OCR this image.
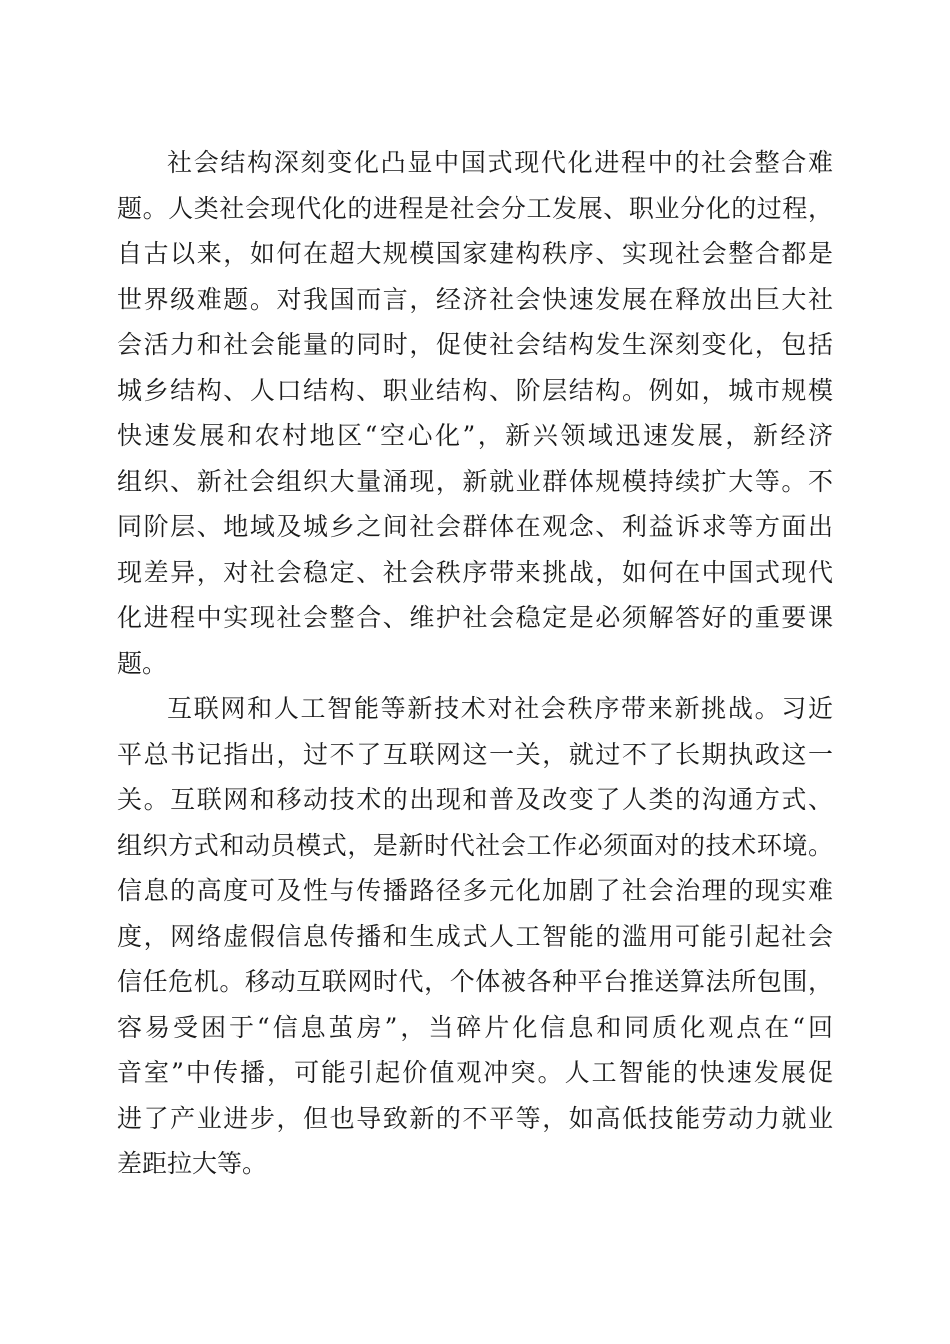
社会结构深刻变化凸显中国式现代化进程中的社会整合难
题。人类社会现代化的进程是社会分工发展、职业分化的过程，
自古以来，如何在超大规模国家建构秩序、实现社会整合都是
世界级难题。对我国而言，经济社会快速发展在释放出巨大社
会活力和社会能量的同时，促使社会结构发生深刻变化，包括
城乡结构、人口结构、职业结构、阶层结构。例如，城市规模
快速发展和农村地区“空心化”，新兴领域迅速发展，新经济
组织、新社会组织大量涌现，新就业群体规模持续扩大等。不
同阶层、地域及城乡之间社会群体在观念、利益诉求等方面出
现差异，对社会稳定、社会秩序带来挑战，如何在中国式现代
化进程中实现社会整合、维护社会稳定是必须解答好的重要课
题。
互联网和人工智能等新技术对社会秩序带来新挑战。习近
平总书记指出，过不了互联网这一关，就过不了长期执政这一
关。互联网和移动技术的出现和普及改变了人类的沟通方式、
组织方式和动员模式，是新时代社会工作必须面对的技术环境。
信息的高度可及性与传播路径多元化加剧了社会治理的现实难
度，网络虚假信息传播和生成式人工智能的滥用可能引起社会
信任危机。移动互联网时代，个体被各种平台推送算法所包围，
容易受困于“信息茧房”，当碎片化信息和同质化观点在“回
音室”中传播，可能引起价值观冲突。人工智能的快速发展促
进了产业进步，但也导致新的不平等，如高低技能劳动力就业
差距拉大等。
